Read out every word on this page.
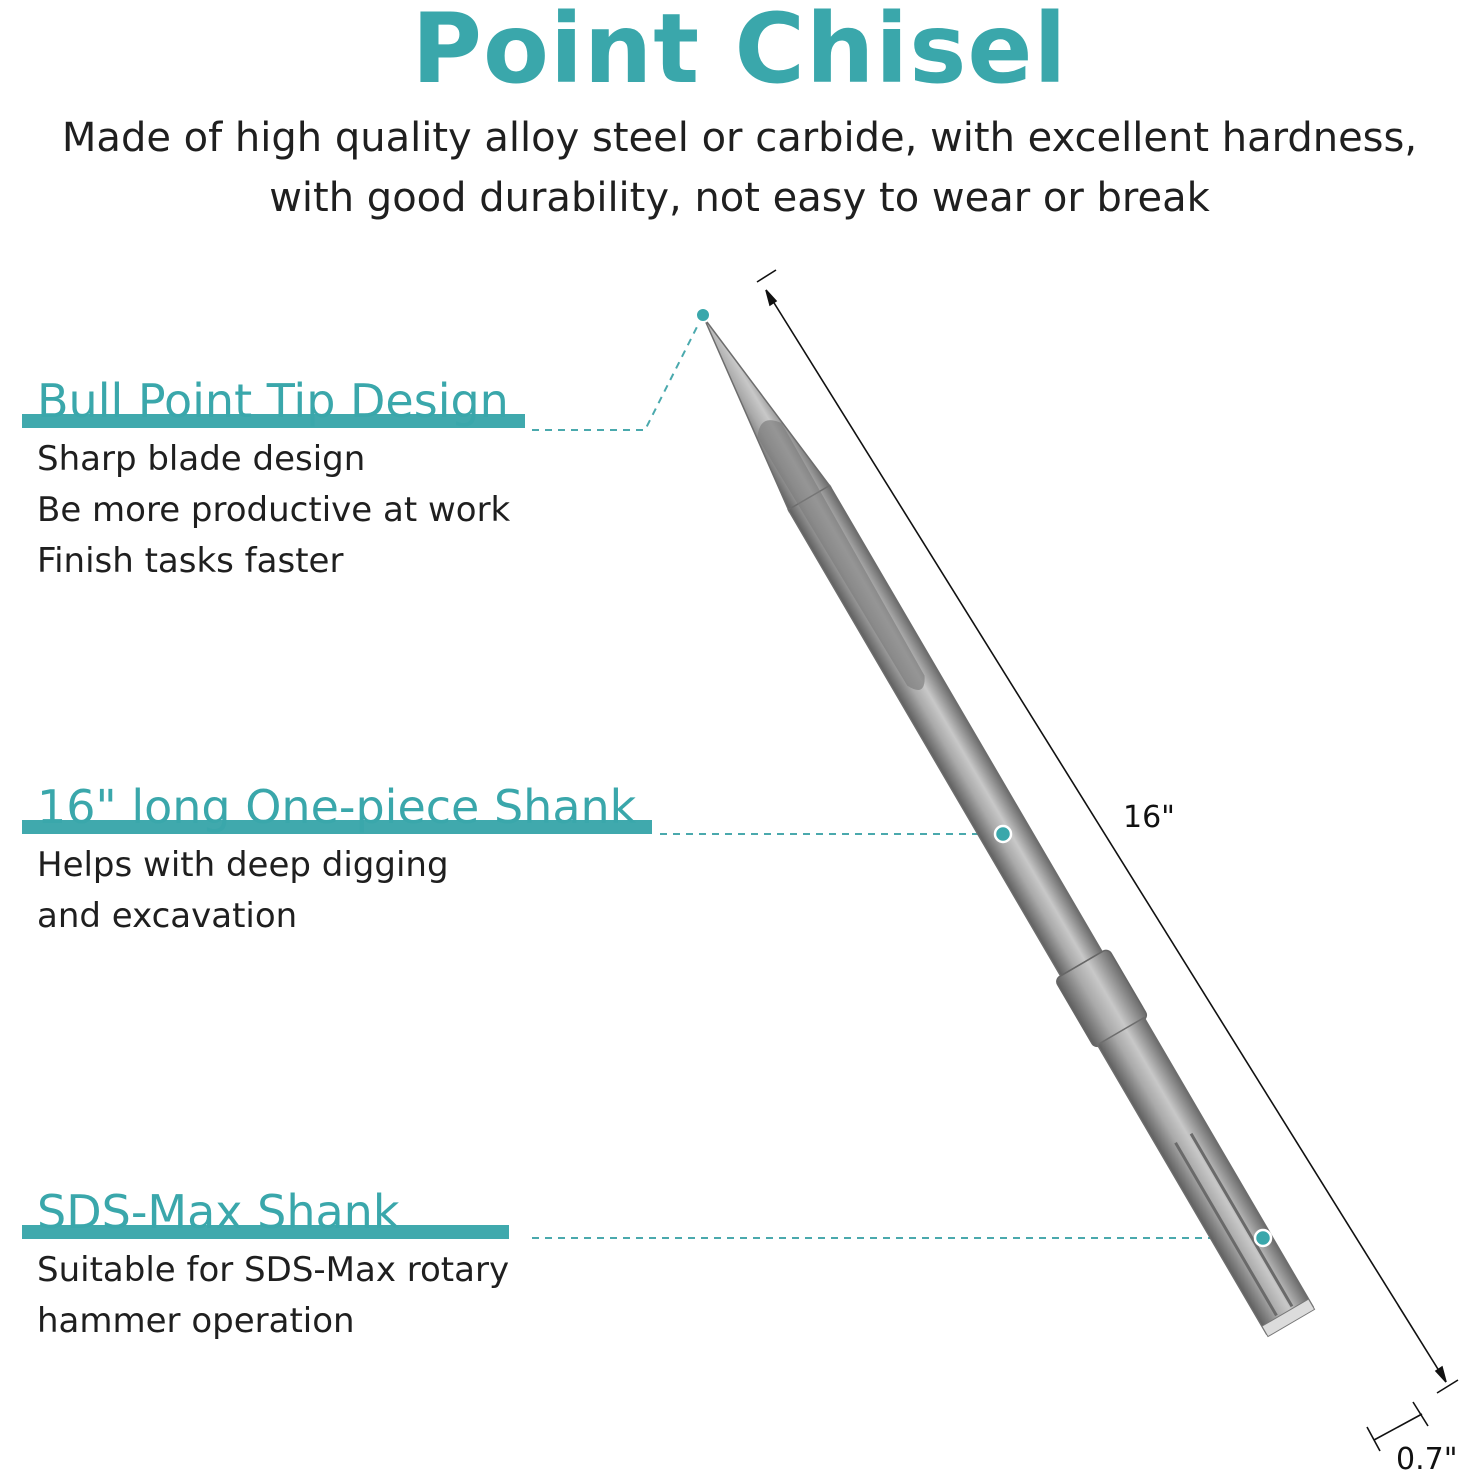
Point Chisel

Made of high quality alloy steel or carbide, with excellent hardness,
with good durability, not easy to wear or break

16"
0.7"
Bull Point Tip Design
Sharp blade design
Be more productive at work
Finish tasks faster
16" long One-piece Shank
Helps with deep digging
and excavation
SDS-Max Shank
Suitable for SDS-Max rotary
hammer operation
